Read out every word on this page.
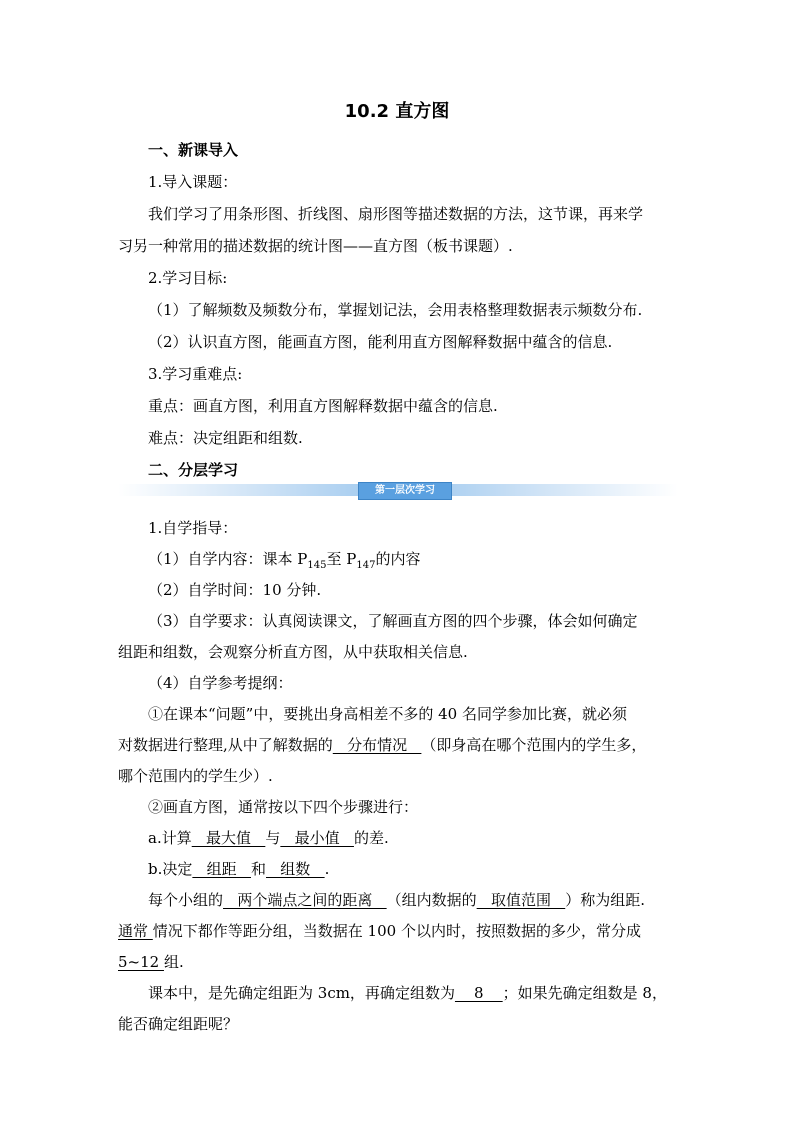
10.2 直方图
一、新课导入
1.导入课题：
我们学习了用条形图、折线图、扇形图等描述数据的方法，这节课，再来学
习另一种常用的描述数据的统计图——直方图（板书课题）.
2.学习目标:
（1）了解频数及频数分布，掌握划记法，会用表格整理数据表示频数分布.
（2）认识直方图，能画直方图，能利用直方图解释数据中蕴含的信息.
3.学习重难点:
重点：画直方图，利用直方图解释数据中蕴含的信息.
难点：决定组距和组数.
二、分层学习
第一层次学习
1.自学指导：
（1）自学内容：课本 $P_{145}$至 $P_{147}$的内容
（2）自学时间：10 分钟.
（3）自学要求：认真阅读课文，了解画直方图的四个步骤，体会如何确定
组距和组数，会观察分析直方图，从中获取相关信息.
（4）自学参考提纲：
①在课本“问题”中，要挑出身高相差不多的 40 名同学参加比赛，就必须
对数据进行整理,从中了解数据的   分布情况   （即身高在哪个范围内的学生多，
哪个范围内的学生少）.
②画直方图，通常按以下四个步骤进行：
a.计算   最大值   与   最小值   的差.
b.决定   组距   和   组数   .
每个小组的   两个端点之间的距离   （组内数据的   取值范围   ）称为组距.
通常 情况下都作等距分组，当数据在 100 个以内时，按照数据的多少，常分成
5~12 组.
课本中，是先确定组距为 3cm，再确定组数为    8    ；如果先确定组数是 8，
能否确定组距呢？
